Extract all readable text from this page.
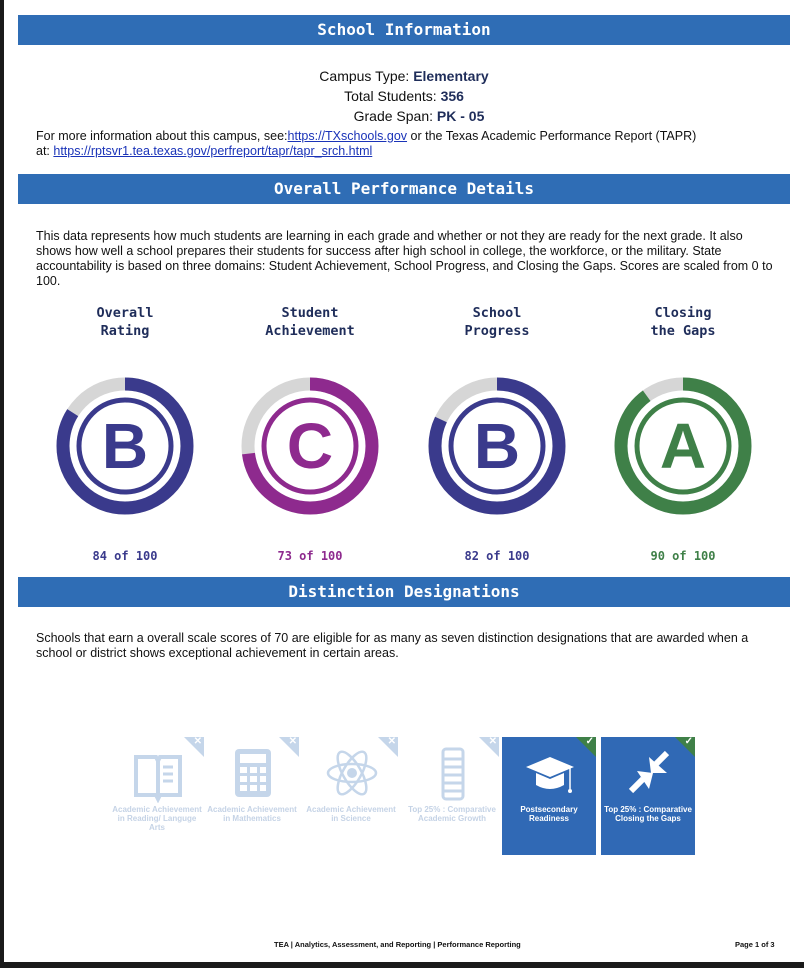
School Information
Campus Type: Elementary
Total Students: 356
Grade Span: PK - 05
For more information about this campus, see:https://TXschools.gov or the Texas Academic Performance Report (TAPR)
at: https://rptsvr1.tea.texas.gov/perfreport/tapr/tapr_srch.html
Overall Performance Details
This data represents how much students are learning in each grade and whether or not they are ready for the next grade. It also shows how well a school prepares their students for success after high school in college, the workforce, or the military. State accountability is based on three domains: Student Achievement, School Progress, and Closing the Gaps. Scores are scaled from 0 to 100.
Overall
Rating
B
84 of 100
Student
Achievement
C
73 of 100
School
Progress
B
82 of 100
Closing
the Gaps
A
90 of 100
Distinction Designations
Schools that earn a overall scale scores of 70 are eligible for as many as seven distinction designations that are awarded when a school or district shows exceptional achievement in certain areas.
✕
Academic Achievement in Reading/ Languge Arts
✕
Academic Achievement in Mathematics
✕
Academic Achievement in Science
✕
Top 25% : Comparative Academic Growth
✓
Postsecondary Readiness
✓
Top 25% : Comparative Closing the Gaps
TEA | Analytics, Assessment, and Reporting | Performance Reporting	Page 1 of 3
